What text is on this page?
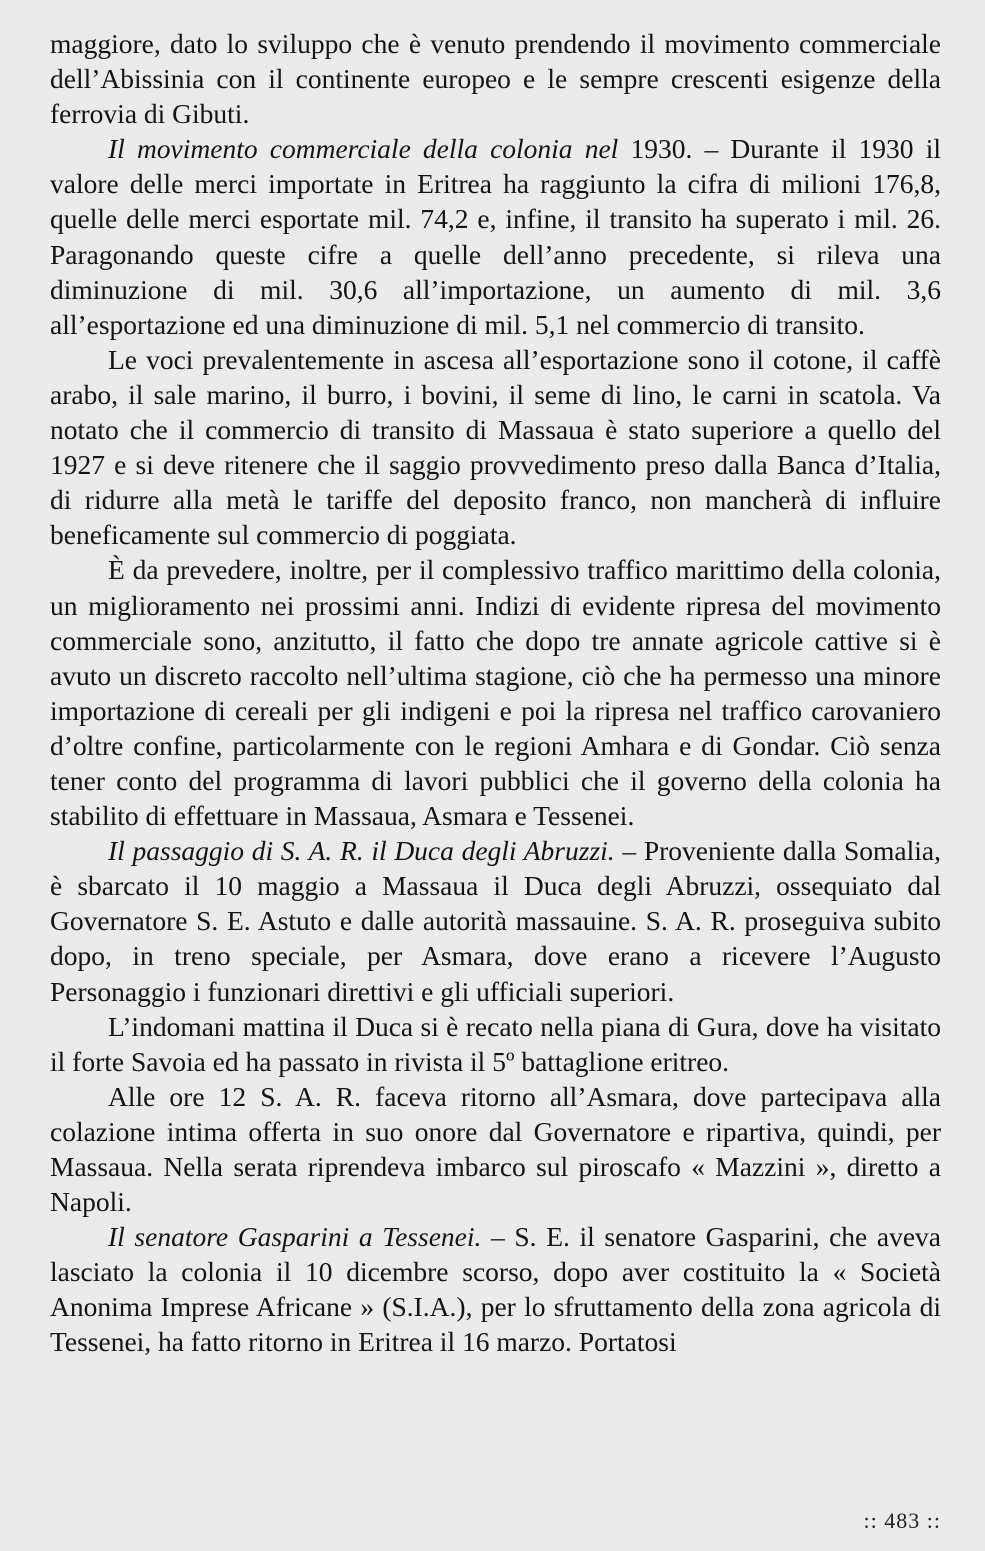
maggiore, dato lo sviluppo che è venuto prendendo il movimento commerciale dell’Abissinia con il continente europeo e le sempre crescenti esigenze della ferrovia di Gibuti.

Il movimento commerciale della colonia nel 1930. – Durante il 1930 il valore delle merci importate in Eritrea ha raggiunto la cifra di milioni 176,8, quelle delle merci esportate mil. 74,2 e, infine, il transito ha superato i mil. 26. Paragonando queste cifre a quelle dell’anno precedente, si rileva una diminuzione di mil. 30,6 all’importazione, un aumento di mil. 3,6 all’esportazione ed una diminuzione di mil. 5,1 nel commercio di transito.

Le voci prevalentemente in ascesa all’esportazione sono il cotone, il caffè arabo, il sale marino, il burro, i bovini, il seme di lino, le carni in scatola. Va notato che il commercio di transito di Massaua è stato superiore a quello del 1927 e si deve ritenere che il saggio provvedimento preso dalla Banca d’Italia, di ridurre alla metà le tariffe del deposito franco, non mancherà di influire beneficamente sul commercio di poggiata.

È da prevedere, inoltre, per il complessivo traffico marittimo della colonia, un miglioramento nei prossimi anni. Indizi di evidente ripresa del movimento commerciale sono, anzitutto, il fatto che dopo tre annate agricole cattive si è avuto un discreto raccolto nell’ultima stagione, ciò che ha permesso una minore importazione di cereali per gli indigeni e poi la ripresa nel traffico carovaniero d’oltre confine, particolarmente con le regioni Amhara e di Gondar. Ciò senza tener conto del programma di lavori pubblici che il governo della colonia ha stabilito di effettuare in Massaua, Asmara e Tessenei.

Il passaggio di S. A. R. il Duca degli Abruzzi. – Proveniente dalla Somalia, è sbarcato il 10 maggio a Massaua il Duca degli Abruzzi, ossequiato dal Governatore S. E. Astuto e dalle autorità massauine. S. A. R. proseguiva subito dopo, in treno speciale, per Asmara, dove erano a ricevere l’Augusto Personaggio i funzionari direttivi e gli ufficiali superiori.

L’indomani mattina il Duca si è recato nella piana di Gura, dove ha visitato il forte Savoia ed ha passato in rivista il 5º battaglione eritreo.

Alle ore 12 S. A. R. faceva ritorno all’Asmara, dove partecipava alla colazione intima offerta in suo onore dal Governatore e ripartiva, quindi, per Massaua. Nella serata riprendeva imbarco sul piroscafo « Mazzini », diretto a Napoli.

Il senatore Gasparini a Tessenei. – S. E. il senatore Gasparini, che aveva lasciato la colonia il 10 dicembre scorso, dopo aver costituito la « Società Anonima Imprese Africane » (S.I.A.), per lo sfruttamento della zona agricola di Tessenei, ha fatto ritorno in Eritrea il 16 marzo. Portatosi

:: 483 ::
